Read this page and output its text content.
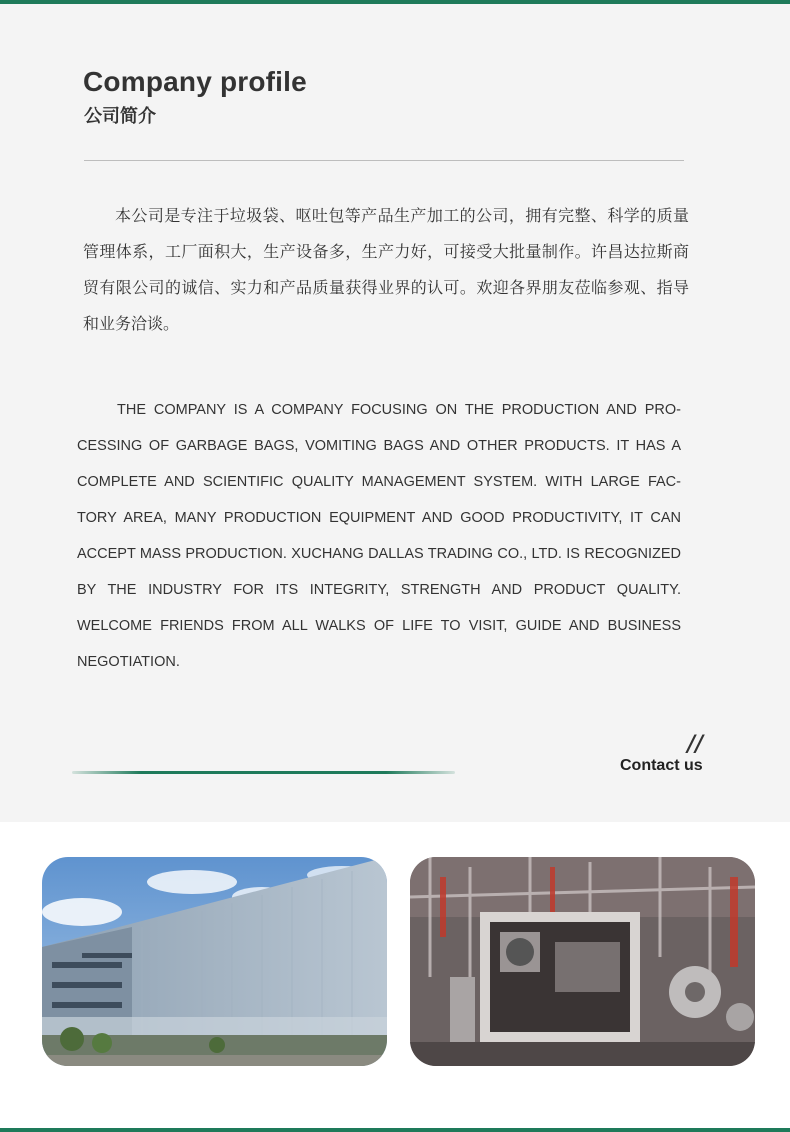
Company profile
公司简介

本公司是专注于垃圾袋、呕吐包等产品生产加工的公司，拥有完整、科学的质量管理体系，工厂面积大，生产设备多，生产力好，可接受大批量制作。许昌达拉斯商贸有限公司的诚信、实力和产品质量获得业界的认可。欢迎各界朋友莅临参观、指导和业务洽谈。

THE COMPANY IS A COMPANY FOCUSING ON THE PRODUCTION AND PROCESSING OF GARBAGE BAGS, VOMITING BAGS AND OTHER PRODUCTS. IT HAS A COMPLETE AND SCIENTIFIC QUALITY MANAGEMENT SYSTEM. WITH LARGE FACTORY AREA, MANY PRODUCTION EQUIPMENT AND GOOD PRODUCTIVITY, IT CAN ACCEPT MASS PRODUCTION. XUCHANG DALLAS TRADING CO., LTD. IS RECOGNIZED BY THE INDUSTRY FOR ITS INTEGRITY, STRENGTH AND PRODUCT QUALITY. WELCOME FRIENDS FROM ALL WALKS OF LIFE TO VISIT, GUIDE AND BUSINESS NEGOTIATION.

//
Contact us
